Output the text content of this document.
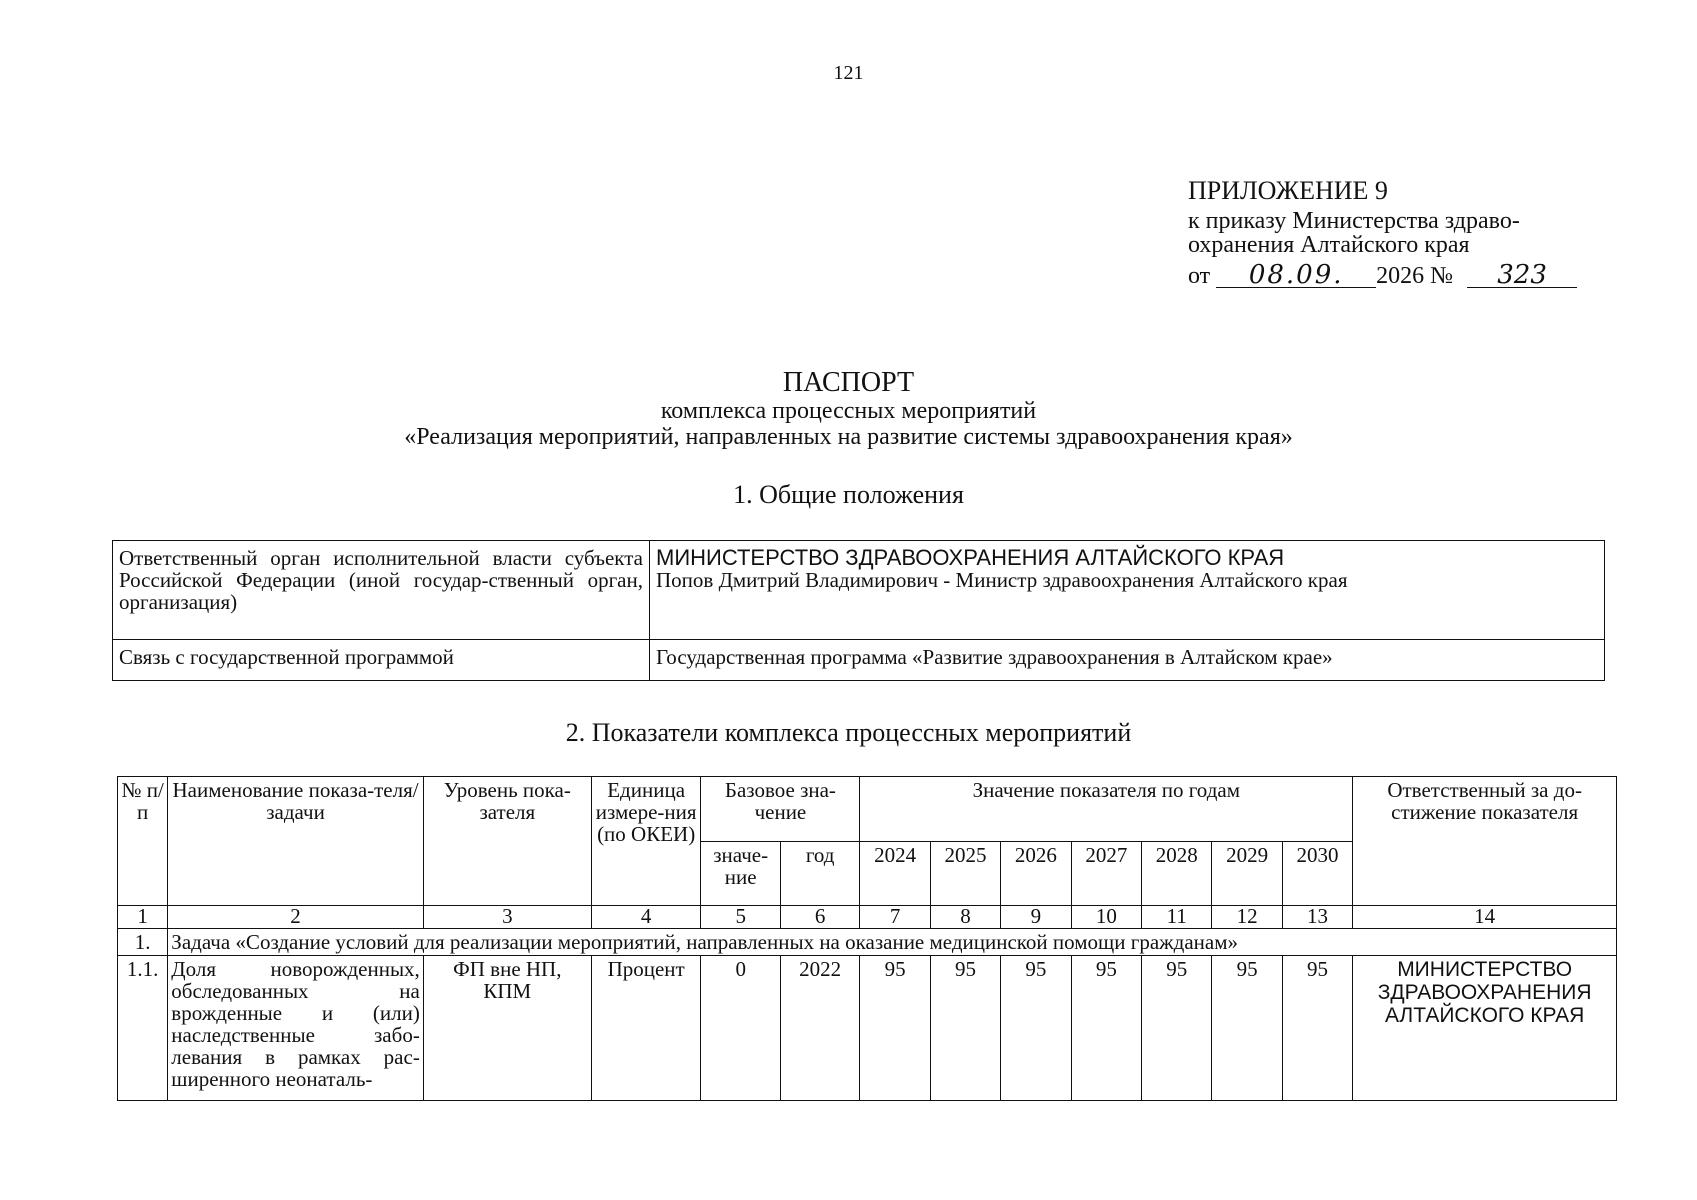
121
ПРИЛОЖЕНИЕ 9
к приказу Министерства здраво-
охранения Алтайского края
от 08.09. 2026 № 323
ПАСПОРТ
комплекса процессных мероприятий
«Реализация мероприятий, направленных на развитие системы здравоохранения края»
1. Общие положения
Ответственный орган исполнительной власти субъекта Российской Федерации (иной государ-ственный орган, организация)	МИНИСТЕРСТВО ЗДРАВООХРАНЕНИЯ АЛТАЙСКОГО КРАЯ
Попов Дмитрий Владимирович - Министр здравоохранения Алтайского края

Связь с государственной программой	Государственная программа «Развитие здравоохранения в Алтайском крае»
2. Показатели комплекса процессных мероприятий
№ п/п	Наименование показа-теля/задачи	Уровень пока-зателя	Единица измере-ния (по ОКЕИ)	Базовое зна-чение		Значение показателя по годам							Ответственный за до-стижение показателя
				значе-ние	год	2024	2025	2026	2027	2028	2029	2030	
1	2	3	4	5	6	7	8	9	10	11	12	13	14
1.	Задача «Создание условий для реализации мероприятий, направленных на оказание медицинской помощи гражданам»												
1.1.	Доля новорожденных, обследованных на врожденные и (или) наследственные забо-левания в рамках рас-ширенного неонаталь-	ФП вне НП, КПМ	Процент	0	2022	95	95	95	95	95	95	95	МИНИСТЕРСТВО ЗДРАВООХРАНЕНИЯ АЛТАЙСКОГО КРАЯ
